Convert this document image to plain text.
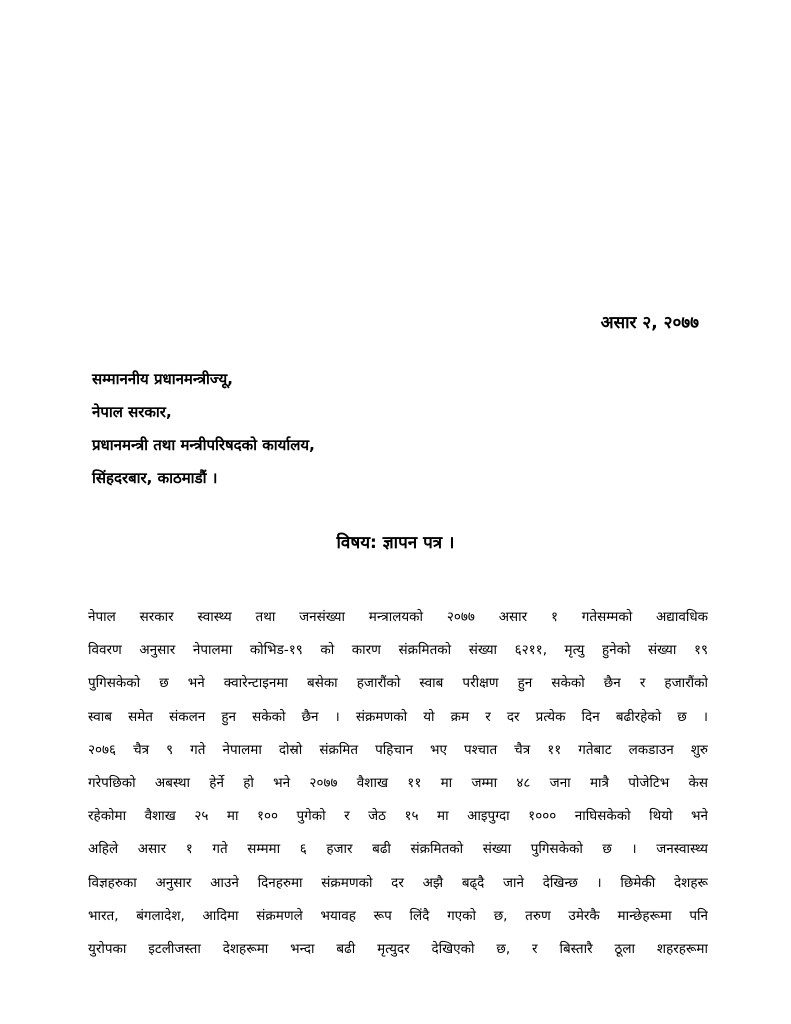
असार २, २०७७
सम्माननीय प्रधानमन्त्रीज्यू,
नेपाल सरकार,
प्रधानमन्त्री तथा मन्त्रीपरिषदको कार्यालय,
सिंहदरबार, काठमाडौं ।
विषय: ज्ञापन पत्र ।
नेपाल सरकार स्वास्थ्य तथा जनसंख्या मन्त्रालयको २०७७ असार १ गतेसम्मको अद्यावधिक
विवरण अनुसार नेपालमा कोभिड-१९ को कारण संक्रमितको संख्या ६२११, मृत्यु हुनेको संख्या १९
पुगिसकेको छ भने क्वारेन्टाइनमा बसेका हजारौंको स्वाब परीक्षण हुन सकेको छैन र हजारौंको
स्वाब समेत संकलन हुन सकेको छैन । संक्रमणको यो क्रम र दर प्रत्येक दिन बढीरहेको छ ।
२०७६ चैत्र ९ गते नेपालमा दोस्रो संक्रमित पहिचान भए पश्चात चैत्र ११ गतेबाट लकडाउन शुरु
गरेपछिको अबस्था हेर्ने हो भने २०७७ वैशाख ११ मा जम्मा ४८ जना मात्रै पोजेटिभ केस
रहेकोमा वैशाख २५ मा १०० पुगेको र जेठ १५ मा आइपुग्दा १००० नाघिसकेको थियो भने
अहिले असार १ गते सम्ममा ६ हजार बढी संक्रमितको संख्या पुगिसकेको छ । जनस्वास्थ्य
विज्ञहरुका अनुसार आउने दिनहरुमा संक्रमणको दर अझै बढ्दै जाने देखिन्छ । छिमेकी देशहरू
भारत, बंगलादेश, आदिमा संक्रमणले भयावह रूप लिंदै गएको छ, तरुण उमेरकै मान्छेहरूमा पनि
युरोपका इटलीजस्ता देशहरूमा भन्दा बढी मृत्युदर देखिएको छ, र बिस्तारै ठूला शहरहरूमा
